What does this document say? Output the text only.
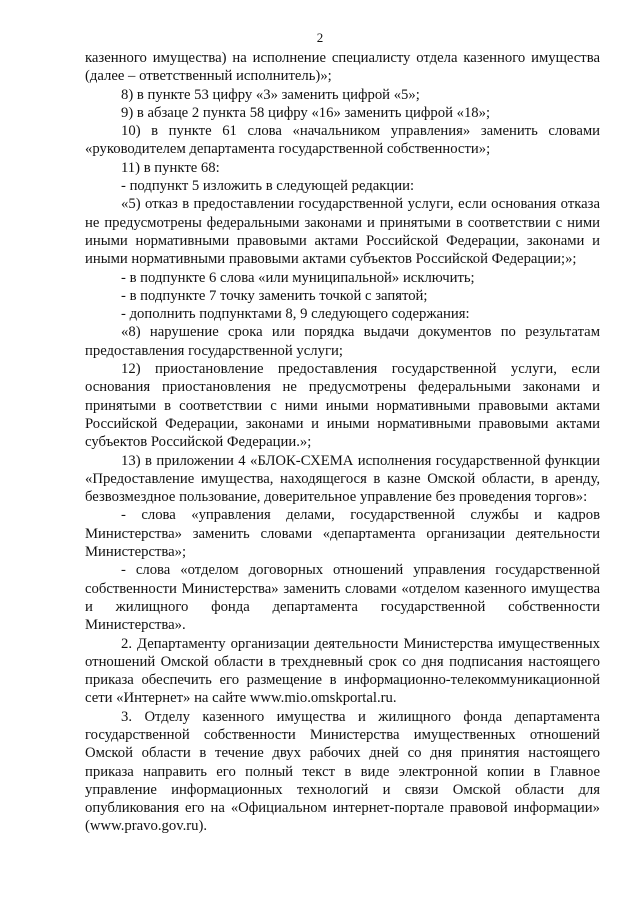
2

казенного имущества) на исполнение специалисту отдела казенного имущества (далее – ответственный исполнитель)»;

8) в пункте 53 цифру «3» заменить цифрой «5»;

9) в абзаце 2 пункта 58 цифру «16» заменить цифрой «18»;

10) в пункте 61 слова «начальником управления» заменить словами «руководителем департамента государственной собственности»;

11) в пункте 68:

- подпункт 5 изложить в следующей редакции:

«5) отказ в предоставлении государственной услуги, если основания отказа не предусмотрены федеральными законами и принятыми в соответствии с ними иными нормативными правовыми актами Российской Федерации, законами и иными нормативными правовыми актами субъектов Российской Федерации;»;

- в подпункте 6 слова «или муниципальной» исключить;

- в подпункте 7 точку заменить точкой с запятой;

- дополнить подпунктами 8, 9 следующего содержания:

«8) нарушение срока или порядка выдачи документов по результатам предоставления государственной услуги;

12) приостановление предоставления государственной услуги, если основания приостановления не предусмотрены федеральными законами и принятыми в соответствии с ними иными нормативными правовыми актами Российской Федерации, законами и иными нормативными правовыми актами субъектов Российской Федерации.»;

13) в приложении 4 «БЛОК-СХЕМА исполнения государственной функции «Предоставление имущества, находящегося в казне Омской области, в аренду, безвозмездное пользование, доверительное управление без проведения торгов»:

- слова «управления делами, государственной службы и кадров Министерства» заменить словами «департамента организации деятельности Министерства»;

- слова «отделом договорных отношений управления государственной собственности Министерства» заменить словами «отделом казенного имущества и жилищного фонда департамента государственной собственности Министерства».

2. Департаменту организации деятельности Министерства имущественных отношений Омской области в трехдневный срок со дня подписания настоящего приказа обеспечить его размещение в информационно-телекоммуникационной сети «Интернет» на сайте www.mio.omskportal.ru.

3. Отделу казенного имущества и жилищного фонда департамента государственной собственности Министерства имущественных отношений Омской области в течение двух рабочих дней со дня принятия настоящего приказа направить его полный текст в виде электронной копии в Главное управление информационных технологий и связи Омской области для опубликования его на «Официальном интернет-портале правовой информации» (www.pravo.gov.ru).
